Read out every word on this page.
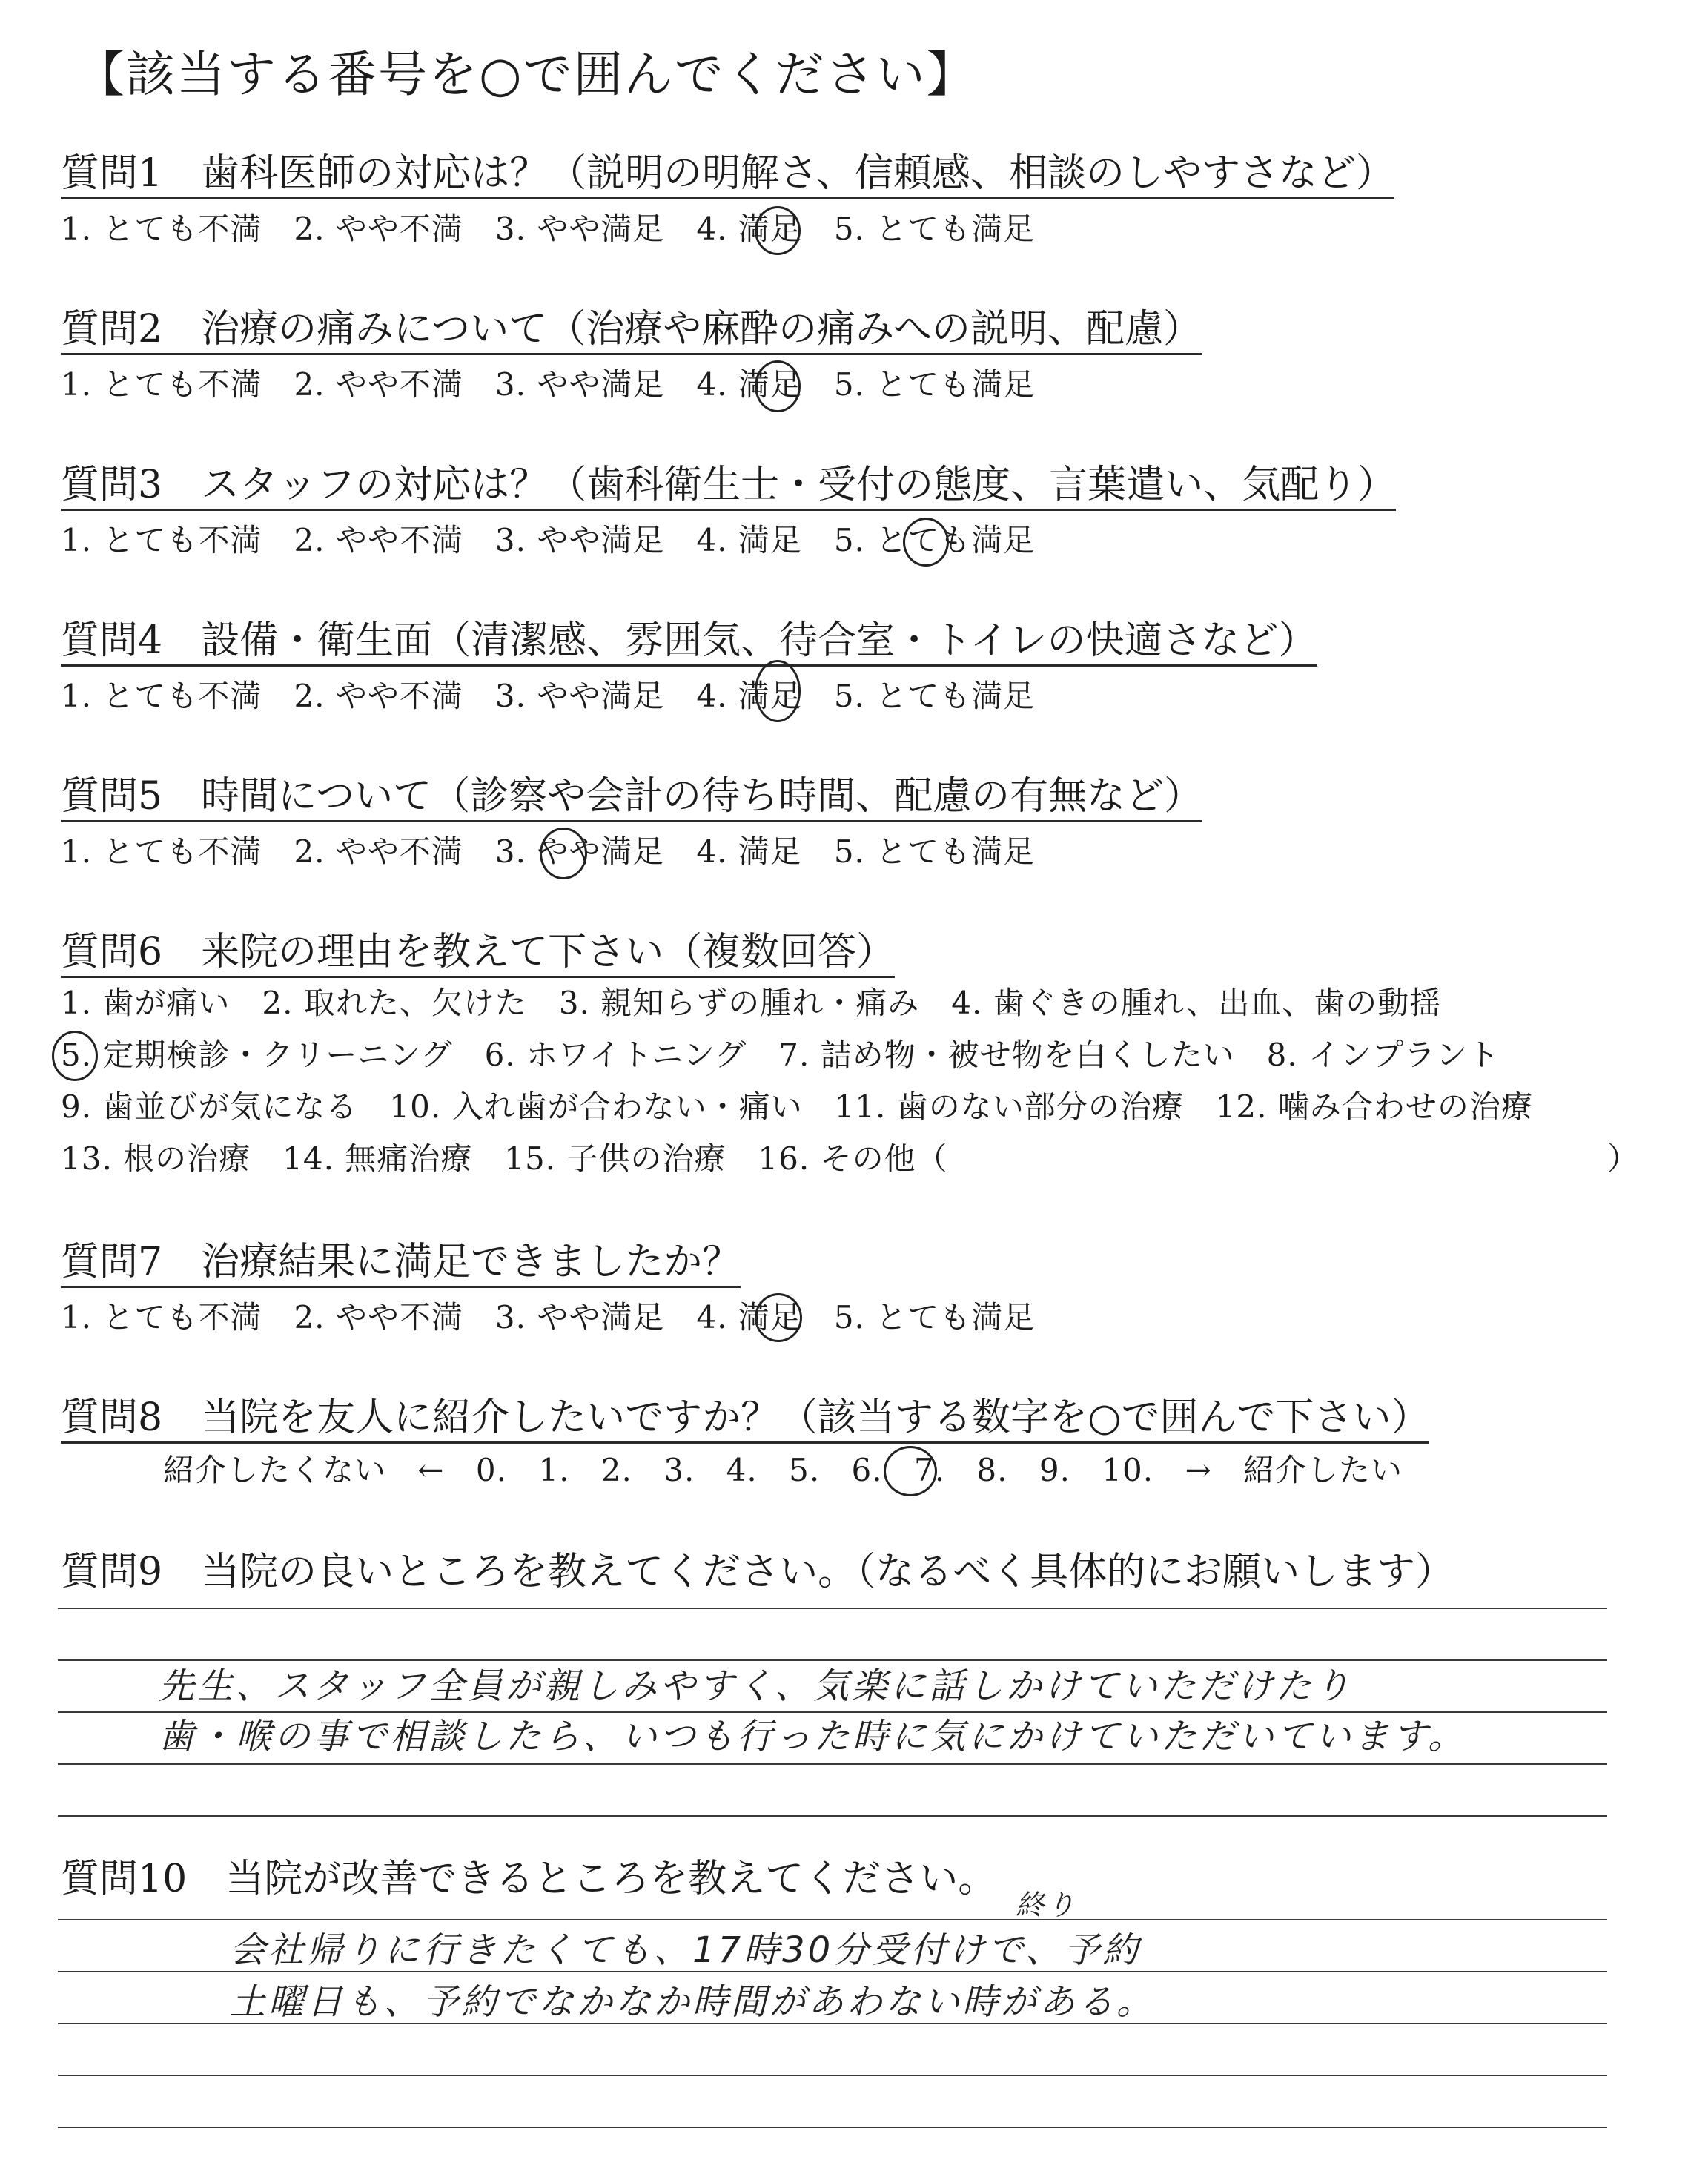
【該当する番号を○で囲んでください】
質問1　 歯科医師の対応は？（説明の明解さ、信頼感、相談のしやすさなど）
1. とても不満　 2. やや不満　 3. やや満足　 4. 満足　 5. とても満足
質問2　 治療の痛みについて（治療や麻酔の痛みへの説明、配慮）
1. とても不満　 2. やや不満　 3. やや満足　 4. 満足　 5. とても満足
質問3　 スタッフの対応は？（歯科衛生士・受付の態度、言葉遣い、気配り）
1. とても不満　 2. やや不満　 3. やや満足　 4. 満足　 5. とても満足
質問4　 設備・衛生面（清潔感、雰囲気、待合室・トイレの快適さなど）
1. とても不満　 2. やや不満　 3. やや満足　 4. 満足　 5. とても満足
質問5　 時間について（診察や会計の待ち時間、配慮の有無など）
1. とても不満　 2. やや不満　 3. やや満足　 4. 満足　 5. とても満足
質問6　 来院の理由を教えて下さい（複数回答）
1. 歯が痛い　2. 取れた、欠けた　3. 親知らずの腫れ・痛み　4. 歯ぐきの腫れ、出血、歯の動揺
5. 定期検診・クリーニング　6. ホワイトニング　7. 詰め物・被せ物を白くしたい　8. インプラント
9. 歯並びが気になる　10. 入れ歯が合わない・痛い　11. 歯のない部分の治療　12. 噛み合わせの治療
13. 根の治療　14. 無痛治療　15. 子供の治療　16. その他（	）
質問7　 治療結果に満足できましたか？
1. とても不満　 2. やや不満　 3. やや満足　 4. 満足　 5. とても満足
質問8　 当院を友人に紹介したいですか？（該当する数字を○で囲んで下さい）
紹介したくない ← 0. 1. 2. 3. 4. 5. 6. 7. 8. 9. 10. → 紹介したい
質問9　 当院の良いところを教えてください。（なるべく具体的にお願いします）
先生、スタッフ全員が親しみやすく、気楽に話しかけていただけたり
歯・喉の事で相談したら、いつも行った時に気にかけていただいています。
質問10　 当院が改善できるところを教えてください。
終り
会社帰りに行きたくても、17時30分受付けで、予約
土曜日も、予約でなかなか時間があわない時がある。
